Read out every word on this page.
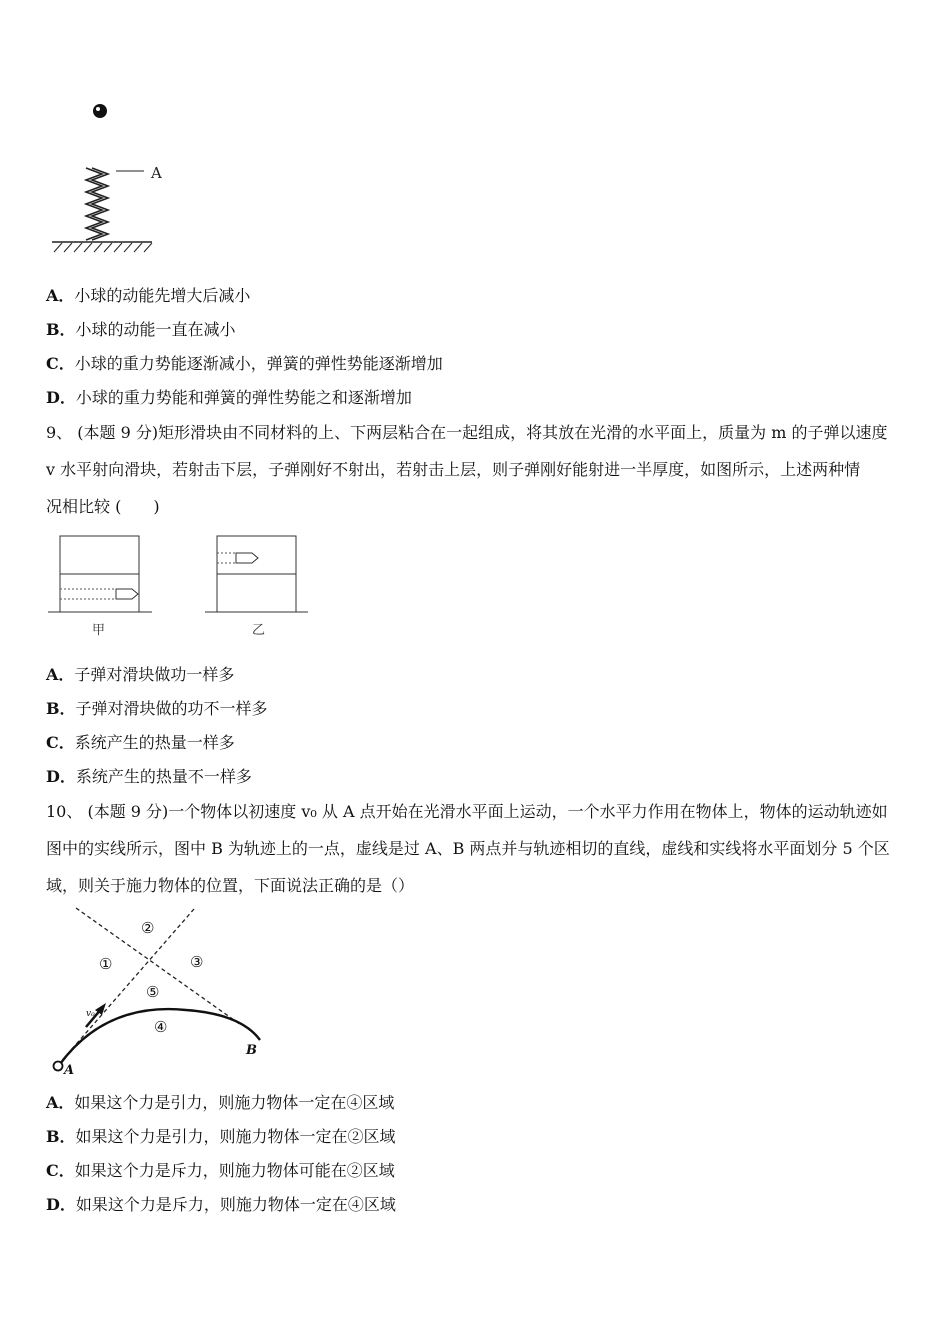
A
A．小球的动能先增大后减小
B．小球的动能一直在减小
C．小球的重力势能逐渐减小，弹簧的弹性势能逐渐增加
D．小球的重力势能和弹簧的弹性势能之和逐渐增加
9、 (本题 9 分)矩形滑块由不同材料的上、下两层粘合在一起组成，将其放在光滑的水平面上，质量为 m 的子弹以速度
v 水平射向滑块，若射击下层，子弹刚好不射出，若射击上层，则子弹刚好能射进一半厚度，如图所示，上述两种情
况相比较 (　　)
甲	乙
A．子弹对滑块做功一样多
B．子弹对滑块做的功不一样多
C．系统产生的热量一样多
D．系统产生的热量不一样多
10、 (本题 9 分)一个物体以初速度 v₀ 从 A 点开始在光滑水平面上运动，一个水平力作用在物体上，物体的运动轨迹如
图中的实线所示，图中 B 为轨迹上的一点，虚线是过 A、B 两点并与轨迹相切的直线，虚线和实线将水平面划分 5 个区
域，则关于施力物体的位置，下面说法正确的是（）
v₀
A
B
①
②
③
⑤
④
A．如果这个力是引力，则施力物体一定在④区域
B．如果这个力是引力，则施力物体一定在②区域
C．如果这个力是斥力，则施力物体可能在②区域
D．如果这个力是斥力，则施力物体一定在④区域
